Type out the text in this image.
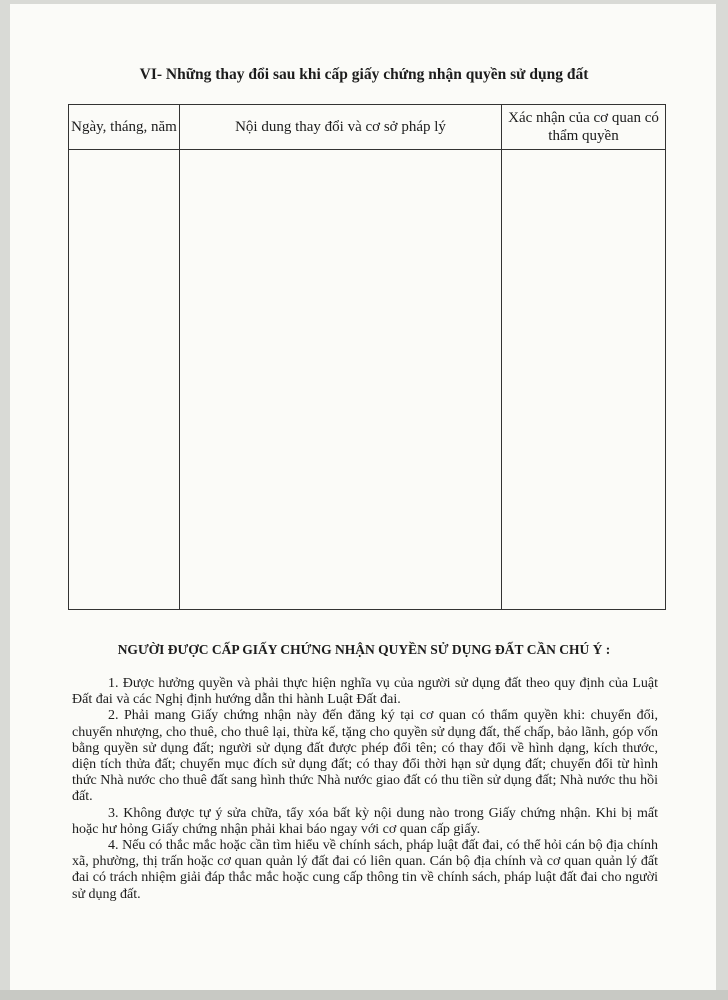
VI- Những thay đổi sau khi cấp giấy chứng nhận quyền sử dụng đất
Ngày, tháng, năm	Nội dung thay đổi và cơ sở pháp lý	Xác nhận của cơ quan có thẩm quyền

NGƯỜI ĐƯỢC CẤP GIẤY CHỨNG NHẬN QUYỀN SỬ DỤNG ĐẤT CẦN CHÚ Ý :

1. Được hưởng quyền và phải thực hiện nghĩa vụ của người sử dụng đất theo quy định của Luật Đất đai và các Nghị định hướng dẫn thi hành Luật Đất đai.

2. Phải mang Giấy chứng nhận này đến đăng ký tại cơ quan có thẩm quyền khi: chuyển đổi, chuyển nhượng, cho thuê, cho thuê lại, thừa kế, tặng cho quyền sử dụng đất, thế chấp, bảo lãnh, góp vốn bằng quyền sử dụng đất; người sử dụng đất được phép đổi tên; có thay đổi về hình dạng, kích thước, diện tích thửa đất; chuyển mục đích sử dụng đất; có thay đổi thời hạn sử dụng đất; chuyển đổi từ hình thức Nhà nước cho thuê đất sang hình thức Nhà nước giao đất có thu tiền sử dụng đất; Nhà nước thu hồi đất.

3. Không được tự ý sửa chữa, tẩy xóa bất kỳ nội dung nào trong Giấy chứng nhận. Khi bị mất hoặc hư hỏng Giấy chứng nhận phải khai báo ngay với cơ quan cấp giấy.

4. Nếu có thắc mắc hoặc cần tìm hiểu về chính sách, pháp luật đất đai, có thể hỏi cán bộ địa chính xã, phường, thị trấn hoặc cơ quan quản lý đất đai có liên quan. Cán bộ địa chính và cơ quan quản lý đất đai có trách nhiệm giải đáp thắc mắc hoặc cung cấp thông tin về chính sách, pháp luật đất đai cho người sử dụng đất.
